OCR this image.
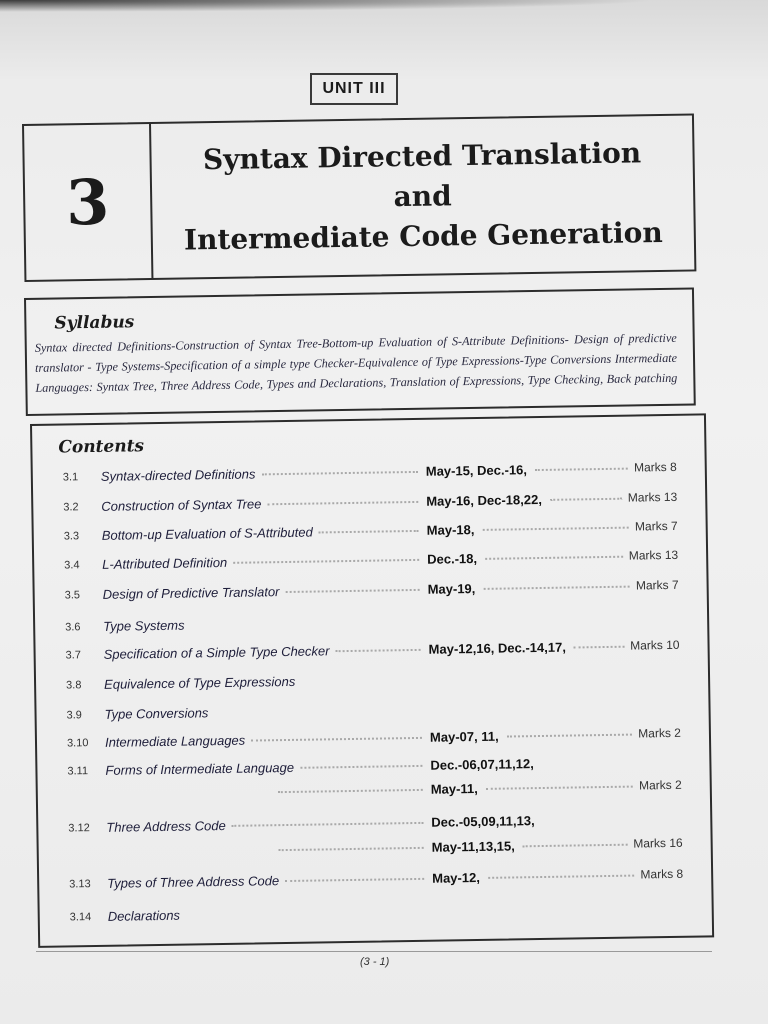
UNIT III
3
Syntax Directed Translation
and
Intermediate Code Generation
Syllabus
Syntax directed Definitions-Construction of Syntax Tree-Bottom-up Evaluation of S-Attribute Definitions- Design of predictive translator - Type Systems-Specification of a simple type Checker-Equivalence of Type Expressions-Type Conversions Intermediate Languages: Syntax Tree, Three Address Code, Types and Declarations, Translation of Expressions, Type Checking, Back patching
Contents
3.1 Syntax-directed Definitions	May-15, Dec.-16,	Marks 8
3.2 Construction of Syntax Tree	May-16, Dec-18,22,	Marks 13
3.3 Bottom-up Evaluation of S-Attributed	May-18,	Marks 7
3.4 L-Attributed Definition	Dec.-18,	Marks 13
3.5 Design of Predictive Translator	May-19,	Marks 7
3.6 Type Systems
3.7 Specification of a Simple Type Checker	May-12,16, Dec.-14,17,	Marks 10
3.8 Equivalence of Type Expressions
3.9 Type Conversions
3.10 Intermediate Languages	May-07, 11,	Marks 2
3.11 Forms of Intermediate Language	Dec.-06,07,11,12,
May-11,	Marks 2
3.12 Three Address Code	Dec.-05,09,11,13,
May-11,13,15,	Marks 16
3.13 Types of Three Address Code	May-12,	Marks 8
3.14 Declarations
(3 - 1)
